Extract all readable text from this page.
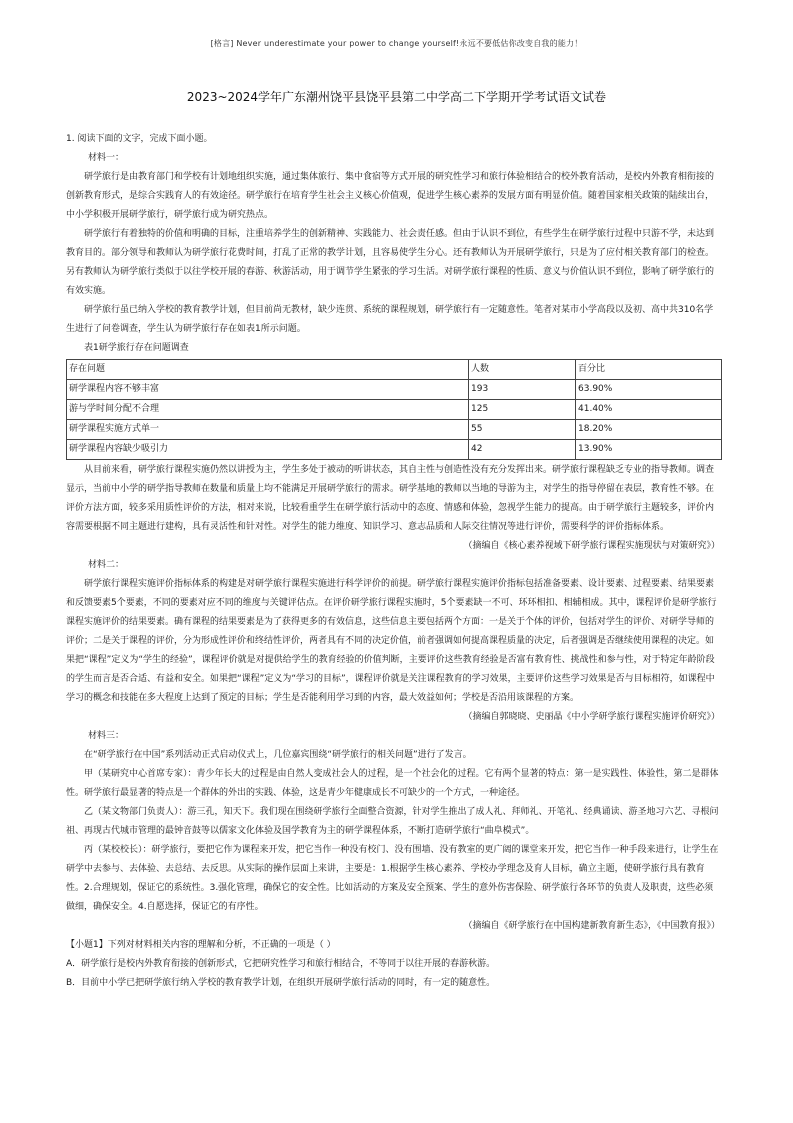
[格言] Never underestimate your power to change yourself!永远不要低估你改变自我的能力！
2023~2024学年广东潮州饶平县饶平县第二中学高二下学期开学考试语文试卷

1. 阅读下面的文字，完成下面小题。

材料一：

研学旅行是由教育部门和学校有计划地组织实施，通过集体旅行、集中食宿等方式开展的研究性学习和旅行体验相结合的校外教育活动，是校内外教育相衔接的创新教育形式，是综合实践育人的有效途径。研学旅行在培育学生社会主义核心价值观，促进学生核心素养的发展方面有明显价值。随着国家相关政策的陆续出台，中小学积极开展研学旅行，研学旅行成为研究热点。

研学旅行有着独特的价值和明确的目标，注重培养学生的创新精神、实践能力、社会责任感。但由于认识不到位，有些学生在研学旅行过程中只游不学，未达到教育目的。部分领导和教师认为研学旅行花费时间，打乱了正常的教学计划，且容易使学生分心。还有教师认为开展研学旅行，只是为了应付相关教育部门的检查。另有教师认为研学旅行类似于以往学校开展的春游、秋游活动，用于调节学生紧张的学习生活。对研学旅行课程的性质、意义与价值认识不到位，影响了研学旅行的有效实施。

研学旅行虽已纳入学校的教育教学计划，但目前尚无教材，缺少连贯、系统的课程规划，研学旅行有一定随意性。笔者对某市小学高段以及初、高中共310名学生进行了问卷调查，学生认为研学旅行存在如表1所示问题。

表1研学旅行存在问题调查

存在问题	人数	百分比
研学课程内容不够丰富	193	63.90%
游与学时间分配不合理	125	41.40%
研学课程实施方式单一	55	18.20%
研学课程内容缺少吸引力	42	13.90%

从目前来看，研学旅行课程实施仍然以讲授为主，学生多处于被动的听讲状态，其自主性与创造性没有充分发挥出来。研学旅行课程缺乏专业的指导教师。调查显示，当前中小学的研学指导教师在数量和质量上均不能满足开展研学旅行的需求。研学基地的教师以当地的导游为主，对学生的指导停留在表层，教育性不够。在评价方法方面，较多采用质性评价的方法，相对来说，比较看重学生在研学旅行活动中的态度、情感和体验，忽视学生能力的提高。由于研学旅行主题较多，评价内容需要根据不同主题进行建构，具有灵活性和针对性。对学生的能力维度、知识学习、意志品质和人际交往情况等进行评价，需要科学的评价指标体系。

（摘编自《核心素养视域下研学旅行课程实施现状与对策研究》）

材料二：

研学旅行课程实施评价指标体系的构建是对研学旅行课程实施进行科学评价的前提。研学旅行课程实施评价指标包括准备要素、设计要素、过程要素、结果要素和反馈要素5个要素，不同的要素对应不同的维度与关键评估点。在评价研学旅行课程实施时，5个要素缺一不可、环环相扣、相辅相成。其中，课程评价是研学旅行课程实施评价的结果要素。确有课程的结果要素是为了获得更多的有效信息，这些信息主要包括两个方面：一是关于个体的评价，包括对学生的评价、对研学导师的评价；二是关于课程的评价，分为形成性评价和终结性评价，两者具有不同的决定价值，前者强调如何提高课程质量的决定，后者强调是否继续使用课程的决定。如果把“课程”定义为“学生的经验”，课程评价就是对提供给学生的教育经验的价值判断，主要评价这些教育经验是否富有教育性、挑战性和参与性，对于特定年龄阶段的学生而言是否合适、有益和安全。如果把“课程”定义为“学习的目标”，课程评价就是关注课程教育的学习效果，主要评价这些学习效果是否与目标相符，如课程中学习的概念和技能在多大程度上达到了预定的目标；学生是否能利用学习到的内容，最大效益如何；学校是否沿用该课程的方案。

（摘编自郭晓晓、史丽晶《中小学研学旅行课程实施评价研究》）

材料三：

在“研学旅行在中国”系列活动正式启动仪式上，几位嘉宾围绕“研学旅行的相关问题”进行了发言。

甲（某研究中心首席专家）：青少年长大的过程是由自然人变成社会人的过程，是一个社会化的过程。它有两个显著的特点：第一是实践性、体验性，第二是群体性。研学旅行最显著的特点是一个群体的外出的实践、体验，这是青少年健康成长不可缺少的一个方式，一种途径。

乙（某文物部门负责人）：游三孔，知天下。我们现在围绕研学旅行全面整合资源，针对学生推出了成人礼、拜师礼、开笔礼、经典诵读、游圣地习六艺、寻根问祖、再现古代城市管理的最钟音鼓等以儒家文化体验及国学教育为主的研学课程体系，不断打造研学旅行“曲阜模式”。

丙（某校校长）：研学旅行，要把它作为课程来开发，把它当作一种没有校门、没有围墙、没有教室的更广阔的课堂来开发，把它当作一种手段来进行，让学生在研学中去参与、去体验、去总结、去反思。从实际的操作层面上来讲，主要是：1.根据学生核心素养、学校办学理念及育人目标，确立主题，使研学旅行具有教育性。2.合理规划，保证它的系统性。3.强化管理，确保它的安全性。比如活动的方案及安全预案、学生的意外伤害保险、研学旅行各环节的负责人及职责，这些必须做细，确保安全。4.自愿选择，保证它的有序性。

（摘编自《研学旅行在中国构建新教育新生态》，《中国教育报》）

【小题1】下列对材料相关内容的理解和分析，不正确的一项是（ ）

A．研学旅行是校内外教育衔接的创新形式，它把研究性学习和旅行相结合，不等同于以往开展的春游秋游。

B．目前中小学已把研学旅行纳入学校的教育教学计划，在组织开展研学旅行活动的同时，有一定的随意性。
